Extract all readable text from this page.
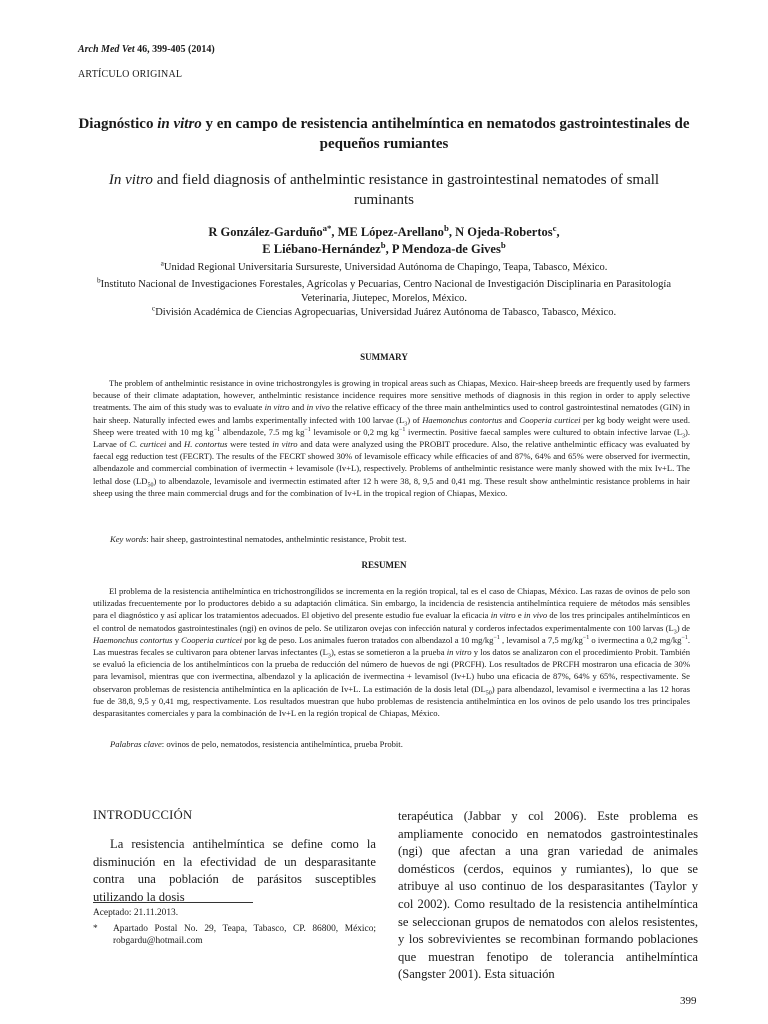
Arch Med Vet 46, 399-405 (2014)
ARTÍCULO ORIGINAL
Diagnóstico in vitro y en campo de resistencia antihelmíntica en nematodos gastrointestinales de pequeños rumiantes
In vitro and field diagnosis of anthelmintic resistance in gastrointestinal nematodes of small ruminants
R González-Garduño$^{a*}$, ME López-Arellano$^b$, N Ojeda-Robertos$^c$,
E Liébano-Hernández$^b$, P Mendoza-de Gives$^b$
$^a$Unidad Regional Universitaria Sursureste, Universidad Autónoma de Chapingo, Teapa, Tabasco, México.
$^b$Instituto Nacional de Investigaciones Forestales, Agrícolas y Pecuarias, Centro Nacional de Investigación Disciplinaria en Parasitología Veterinaria, Jiutepec, Morelos, México.
$^c$División Académica de Ciencias Agropecuarias, Universidad Juárez Autónoma de Tabasco, Tabasco, México.
SUMMARY
The problem of anthelmintic resistance in ovine trichostrongyles is growing in tropical areas such as Chiapas, Mexico. Hair-sheep breeds are frequently used by farmers because of their climate adaptation, however, anthelmintic resistance incidence requires more sensitive methods of diagnosis in this region in order to apply selective treatments. The aim of this study was to evaluate in vitro and in vivo the relative efficacy of the three main anthelmintics used to control gastrointestinal nematodes (GIN) in hair sheep. Naturally infected ewes and lambs experimentally infected with 100 larvae $(L_3)$ of Haemonchus contortus and Cooperia curticei per kg body weight were used. Sheep were treated with 10 mg $kg^{-1}$ albendazole, 7.5 mg $kg^{-1}$ levamisole or 0,2 mg $kg^{-1}$ ivermectin. Positive faecal samples were cultured to obtain infective larvae $(L_3)$. Larvae of C. curticei and H. contortus were tested in vitro and data were analyzed using the PROBIT procedure. Also, the relative anthelmintic efficacy was evaluated by faecal egg reduction test (FECRT). The results of the FECRT showed 30% of levamisole efficacy while efficacies of and 87%, 64% and 65% were observed for ivermectin, albendazole and commercial combination of ivermectin + levamisole (Iv+L), respectively. Problems of anthelmintic resistance were manly showed with the mix Iv+L. The lethal dose $(LD_{50})$ to albendazole, levamisole and ivermectin estimated after 12 h were 38, 8, 9,5 and 0,41 mg. These result show anthelmintic resistance problems in hair sheep using the three main commercial drugs and for the combination of Iv+L in the tropical region of Chiapas, Mexico.
Key words: hair sheep, gastrointestinal nematodes, anthelmintic resistance, Probit test.
RESUMEN
El problema de la resistencia antihelmíntica en trichostrongílidos se incrementa en la región tropical, tal es el caso de Chiapas, México. Las razas de ovinos de pelo son utilizadas frecuentemente por lo productores debido a su adaptación climática. Sin embargo, la incidencia de resistencia antihelmíntica requiere de métodos más sensibles para el diagnóstico y así aplicar los tratamientos adecuados. El objetivo del presente estudio fue evaluar la eficacia in vitro e in vivo de los tres principales antihelmínticos en el control de nematodos gastrointestinales (ngi) en ovinos de pelo. Se utilizaron ovejas con infección natural y corderos infectados experimentalmente con 100 larvas $(L_3)$ de Haemonchus contortus y Cooperia curticei por kg de peso. Los animales fueron tratados con albendazol a 10 $mg/kg^{-1}$ , levamisol a 7,5 $mg/kg^{-1}$ o ivermectina a 0,2 $mg/kg^{-1}$. Las muestras fecales se cultivaron para obtener larvas infectantes $(L_3)$, estas se sometieron a la prueba in vitro y los datos se analizaron con el procedimiento Probit. También se evaluó la eficiencia de los antihelmínticos con la prueba de reducción del número de huevos de ngi (PRCFH). Los resultados de PRCFH mostraron una eficacia de 30% para levamisol, mientras que con ivermectina, albendazol y la aplicación de ivermectina + levamisol (Iv+L) hubo una eficacia de 87%, 64% y 65%, respectivamente. Se observaron problemas de resistencia antihelmíntica en la aplicación de Iv+L. La estimación de la dosis letal $(DL_{50})$ para albendazol, levamisol e ivermectina a las 12 horas fue de 38,8, 9,5 y 0,41 mg, respectivamente. Los resultados muestran que hubo problemas de resistencia antihelmíntica en los ovinos de pelo usando los tres principales desparasitantes comerciales y para la combinación de Iv+L en la región tropical de Chiapas, México.
Palabras clave: ovinos de pelo, nematodos, resistencia antihelmíntica, prueba Probit.
INTRODUCCIÓN
La resistencia antihelmíntica se define como la disminución en la efectividad de un desparasitante contra una población de parásitos susceptibles utilizando la dosis
terapéutica (Jabbar y col 2006). Este problema es ampliamente conocido en nematodos gastrointestinales (ngi) que afectan a una gran variedad de animales domésticos (cerdos, equinos y rumiantes), lo que se atribuye al uso continuo de los desparasitantes (Taylor y col 2002). Como resultado de la resistencia antihelmíntica se seleccionan grupos de nematodos con alelos resistentes, y los sobrevivientes se recombinan formando poblaciones que muestran fenotipo de tolerancia antihelmíntica (Sangster 2001). Esta situación
Aceptado: 21.11.2013.
*	Apartado Postal No. 29, Teapa, Tabasco, CP. 86800, México; robgardu@hotmail.com
399
